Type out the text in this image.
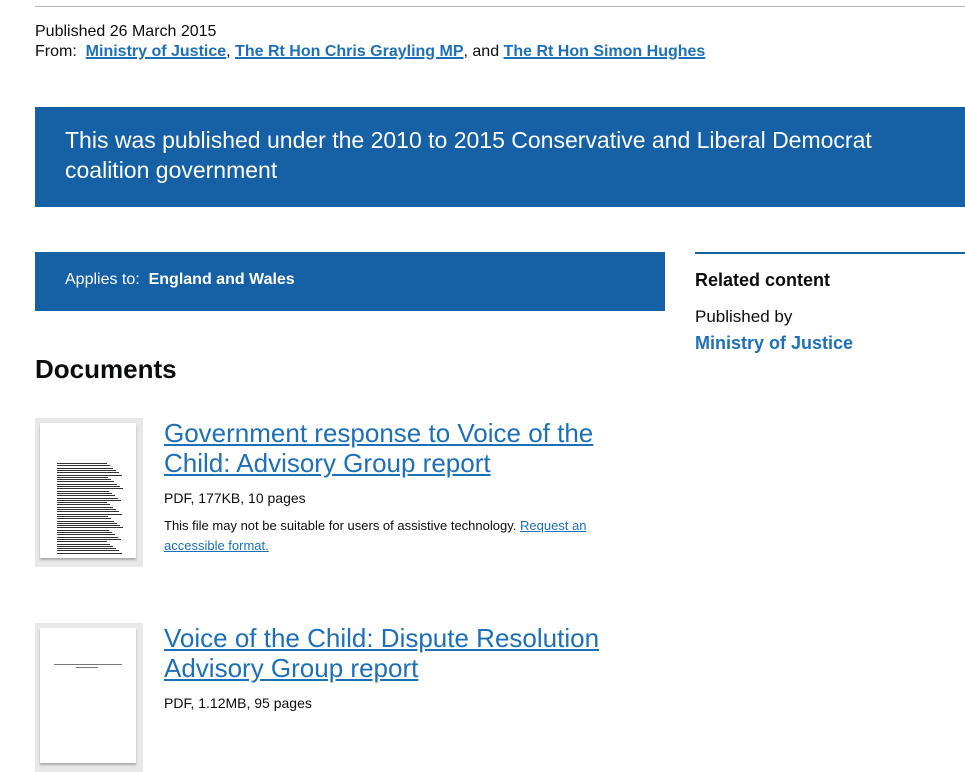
Published 26 March 2015
From: Ministry of Justice, The Rt Hon Chris Grayling MP, and The Rt Hon Simon Hughes
This was published under the 2010 to 2015 Conservative and Liberal Democrat coalition government
Applies to: England and Wales	Related content
Published by
Ministry of Justice
Documents
Government response to Voice of the Child: Advisory Group report
PDF, 177KB, 10 pages
This file may not be suitable for users of assistive technology. Request an accessible format.
Voice of the Child: Dispute Resolution Advisory Group report
PDF, 1.12MB, 95 pages
